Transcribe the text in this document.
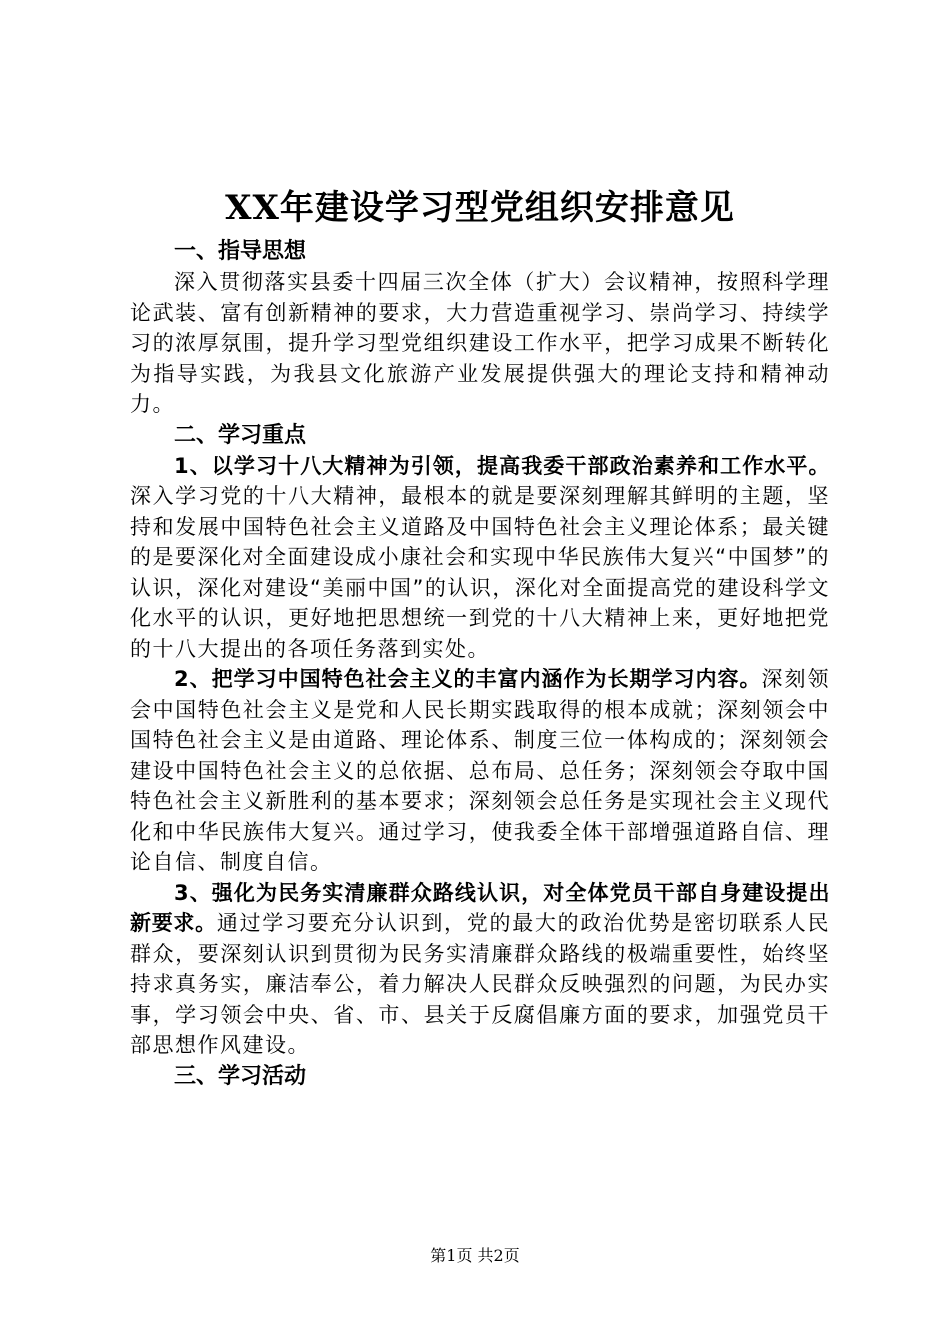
XX年建设学习型党组织安排意见

一、指导思想

深入贯彻落实县委十四届三次全体（扩大）会议精神，按照科学理论武装、富有创新精神的要求，大力营造重视学习、崇尚学习、持续学习的浓厚氛围，提升学习型党组织建设工作水平，把学习成果不断转化为指导实践，为我县文化旅游产业发展提供强大的理论支持和精神动力。

二、学习重点

1、以学习十八大精神为引领，提高我委干部政治素养和工作水平。深入学习党的十八大精神，最根本的就是要深刻理解其鲜明的主题，坚持和发展中国特色社会主义道路及中国特色社会主义理论体系；最关键的是要深化对全面建设成小康社会和实现中华民族伟大复兴“中国梦”的认识，深化对建设“美丽中国”的认识，深化对全面提高党的建设科学文化水平的认识，更好地把思想统一到党的十八大精神上来，更好地把党的十八大提出的各项任务落到实处。

2、把学习中国特色社会主义的丰富内涵作为长期学习内容。深刻领会中国特色社会主义是党和人民长期实践取得的根本成就；深刻领会中国特色社会主义是由道路、理论体系、制度三位一体构成的；深刻领会建设中国特色社会主义的总依据、总布局、总任务；深刻领会夺取中国特色社会主义新胜利的基本要求；深刻领会总任务是实现社会主义现代化和中华民族伟大复兴。通过学习，使我委全体干部增强道路自信、理论自信、制度自信。

3、强化为民务实清廉群众路线认识，对全体党员干部自身建设提出新要求。通过学习要充分认识到，党的最大的政治优势是密切联系人民群众，要深刻认识到贯彻为民务实清廉群众路线的极端重要性，始终坚持求真务实，廉洁奉公，着力解决人民群众反映强烈的问题，为民办实事，学习领会中央、省、市、县关于反腐倡廉方面的要求，加强党员干部思想作风建设。

三、学习活动

第1页 共2页
